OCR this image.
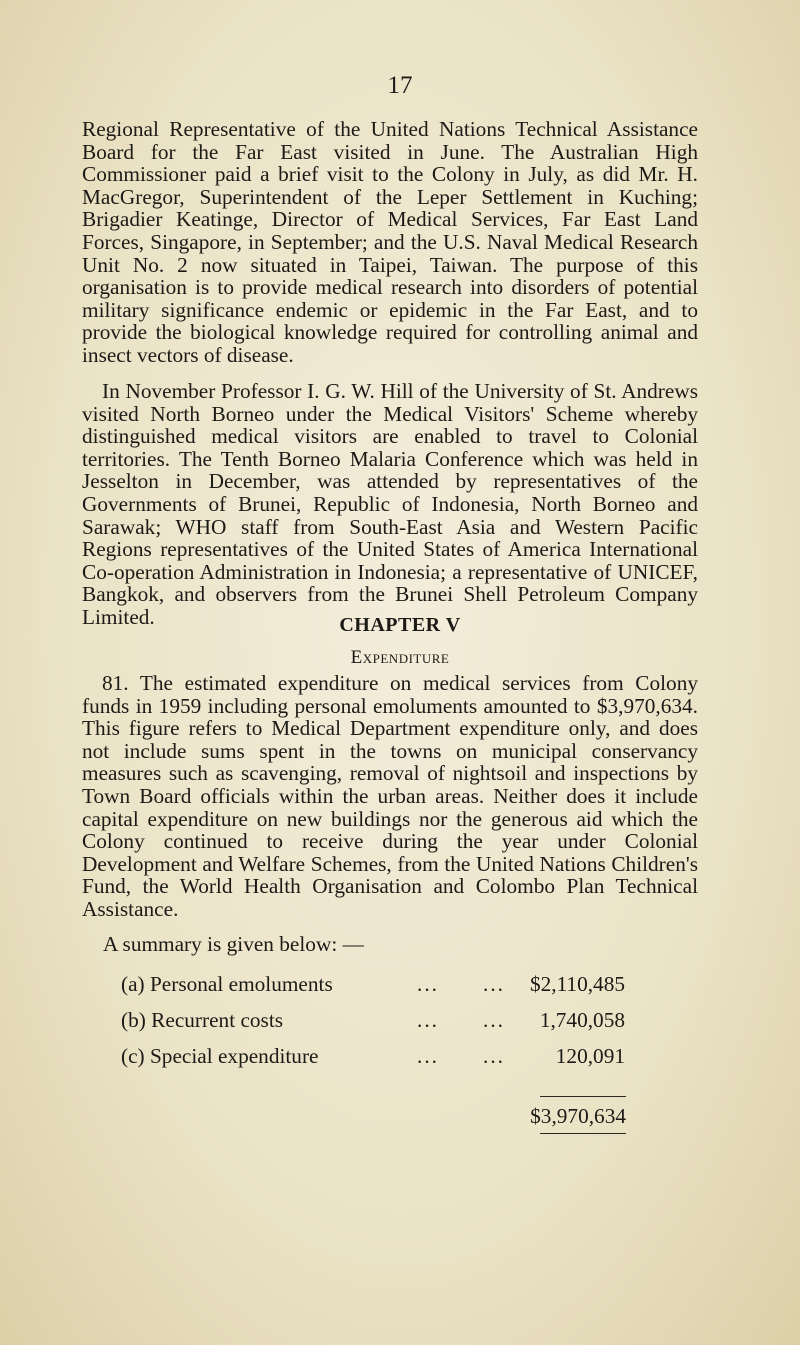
17

Regional Representative of the United Nations Technical Assistance Board for the Far East visited in June. The Australian High Commissioner paid a brief visit to the Colony in July, as did Mr. H. MacGregor, Superintendent of the Leper Settlement in Kuching; Brigadier Keatinge, Director of Medical Services, Far East Land Forces, Singapore, in September; and the U.S. Naval Medical Research Unit No. 2 now situated in Taipei, Taiwan. The purpose of this organisation is to provide medical research into disorders of potential military significance endemic or epidemic in the Far East, and to provide the biological knowledge required for controlling animal and insect vectors of disease.

In November Professor I. G. W. Hill of the University of St. Andrews visited North Borneo under the Medical Visitors' Scheme whereby distinguished medical visitors are enabled to travel to Colonial territories. The Tenth Borneo Malaria Conference which was held in Jesselton in December, was attended by representatives of the Governments of Brunei, Republic of Indonesia, North Borneo and Sarawak; WHO staff from South-East Asia and Western Pacific Regions representatives of the United States of America International Co-operation Administration in Indonesia; a representative of UNICEF, Bangkok, and observers from the Brunei Shell Petroleum Company Limited.	CHAPTER V
Expenditure

81. The estimated expenditure on medical services from Colony funds in 1959 including personal emoluments amounted to $3,970,634. This figure refers to Medical Department expenditure only, and does not include sums spent in the towns on municipal conservancy measures such as scavenging, removal of nightsoil and inspections by Town Board officials within the urban areas. Neither does it include capital expenditure on new buildings nor the generous aid which the Colony continued to receive during the year under Colonial Development and Welfare Schemes, from the United Nations Children's Fund, the World Health Organisation and Colombo Plan Technical Assistance.

A summary is given below: —
(a) Personal emoluments	... ... $2,110,485
(b) Recurrent costs	... ... 1,740,058
(c) Special expenditure	... ... 120,091
$3,970,634
